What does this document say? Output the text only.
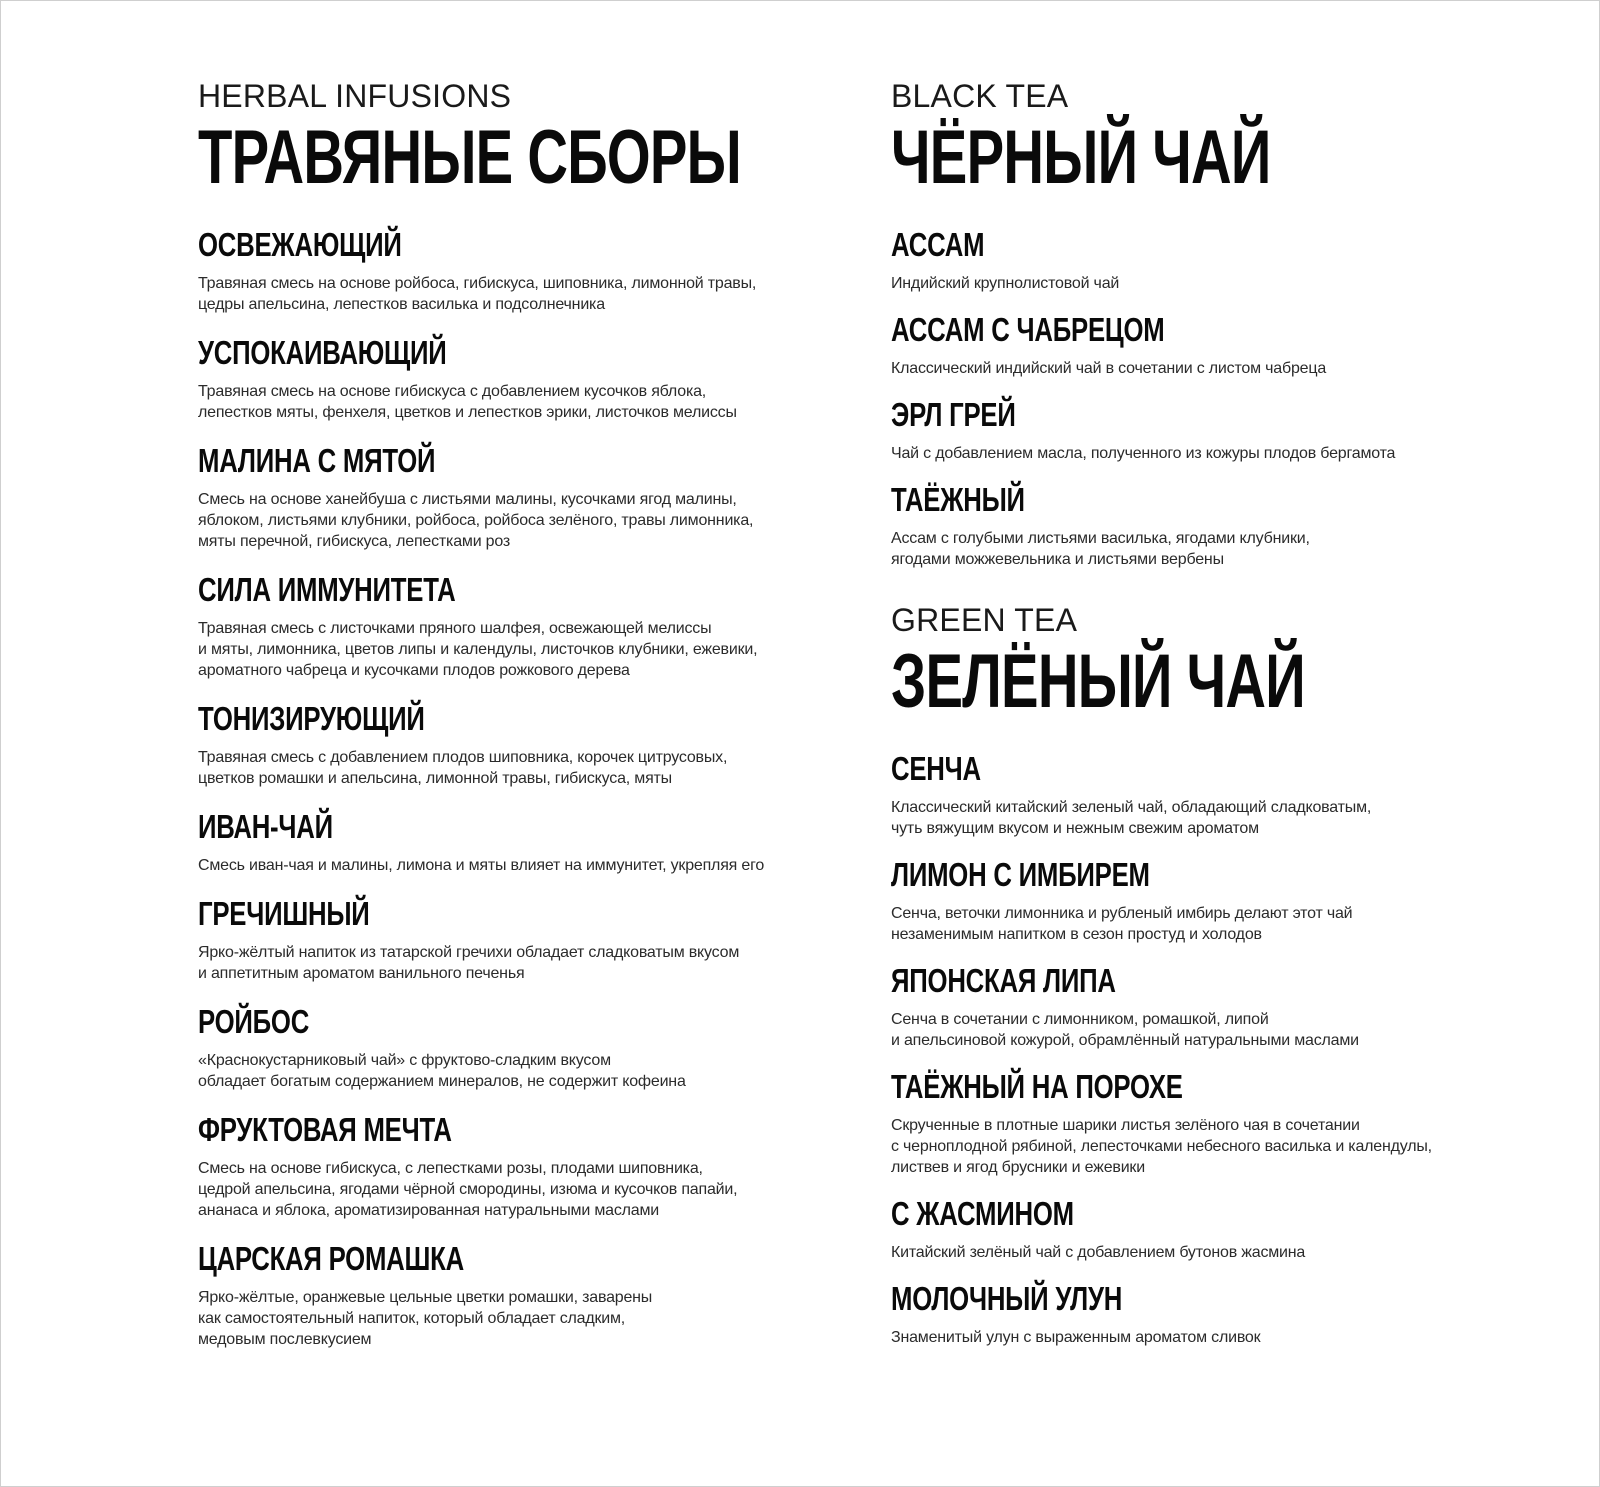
HERBAL INFUSIONS
ТРАВЯНЫЕ СБОРЫ
ОСВЕЖАЮЩИЙ
Травяная смесь на основе ройбоса, гибискуса, шиповника, лимонной травы,
цедры апельсина, лепестков василька и подсолнечника
УСПОКАИВАЮЩИЙ
Травяная смесь на основе гибискуса с добавлением кусочков яблока,
лепестков мяты, фенхеля, цветков и лепестков эрики, листочков мелиссы
МАЛИНА С МЯТОЙ
Смесь на основе ханейбуша с листьями малины, кусочками ягод малины,
яблоком, листьями клубники, ройбоса, ройбоса зелёного, травы лимонника,
мяты перечной, гибискуса, лепестками роз
СИЛА ИММУНИТЕТА
Травяная смесь с листочками пряного шалфея, освежающей мелиссы
и мяты, лимонника, цветов липы и календулы, листочков клубники, ежевики,
ароматного чабреца и кусочками плодов рожкового дерева
ТОНИЗИРУЮЩИЙ
Травяная смесь с добавлением плодов шиповника, корочек цитрусовых,
цветков ромашки и апельсина, лимонной травы, гибискуса, мяты
ИВАН-ЧАЙ
Смесь иван-чая и малины, лимона и мяты влияет на иммунитет, укрепляя его
ГРЕЧИШНЫЙ
Ярко-жёлтый напиток из татарской гречихи обладает сладковатым вкусом
и аппетитным ароматом ванильного печенья
РОЙБОС
«Краснокустарниковый чай» с фруктово-сладким вкусом
обладает богатым содержанием минералов, не содержит кофеина
ФРУКТОВАЯ МЕЧТА
Смесь на основе гибискуса, с лепестками розы, плодами шиповника,
цедрой апельсина, ягодами чёрной смородины, изюма и кусочков папайи,
ананаса и яблока, ароматизированная натуральными маслами
ЦАРСКАЯ РОМАШКА
Ярко-жёлтые, оранжевые цельные цветки ромашки, заварены
как самостоятельный напиток, который обладает сладким,
медовым послевкусием
BLACK TEA
ЧЁРНЫЙ ЧАЙ
АССАМ
Индийский крупнолистовой чай
АССАМ С ЧАБРЕЦОМ
Классический индийский чай в сочетании с листом чабреца
ЭРЛ ГРЕЙ
Чай с добавлением масла, полученного из кожуры плодов бергамота
ТАЁЖНЫЙ
Ассам с голубыми листьями василька, ягодами клубники,
ягодами можжевельника и листьями вербены
GREEN TEA
ЗЕЛЁНЫЙ ЧАЙ
СЕНЧА
Классический китайский зеленый чай, обладающий сладковатым,
чуть вяжущим вкусом и нежным свежим ароматом
ЛИМОН С ИМБИРЕМ
Сенча, веточки лимонника и рубленый имбирь делают этот чай
незаменимым напитком в сезон простуд и холодов
ЯПОНСКАЯ ЛИПА
Сенча в сочетании с лимонником, ромашкой, липой
и апельсиновой кожурой, обрамлённый натуральными маслами
ТАЁЖНЫЙ НА ПОРОХЕ
Скрученные в плотные шарики листья зелёного чая в сочетании
с черноплодной рябиной, лепесточками небесного василька и календулы,
листвев и ягод брусники и ежевики
С ЖАСМИНОМ
Китайский зелёный чай с добавлением бутонов жасмина
МОЛОЧНЫЙ УЛУН
Знаменитый улун с выраженным ароматом сливок
